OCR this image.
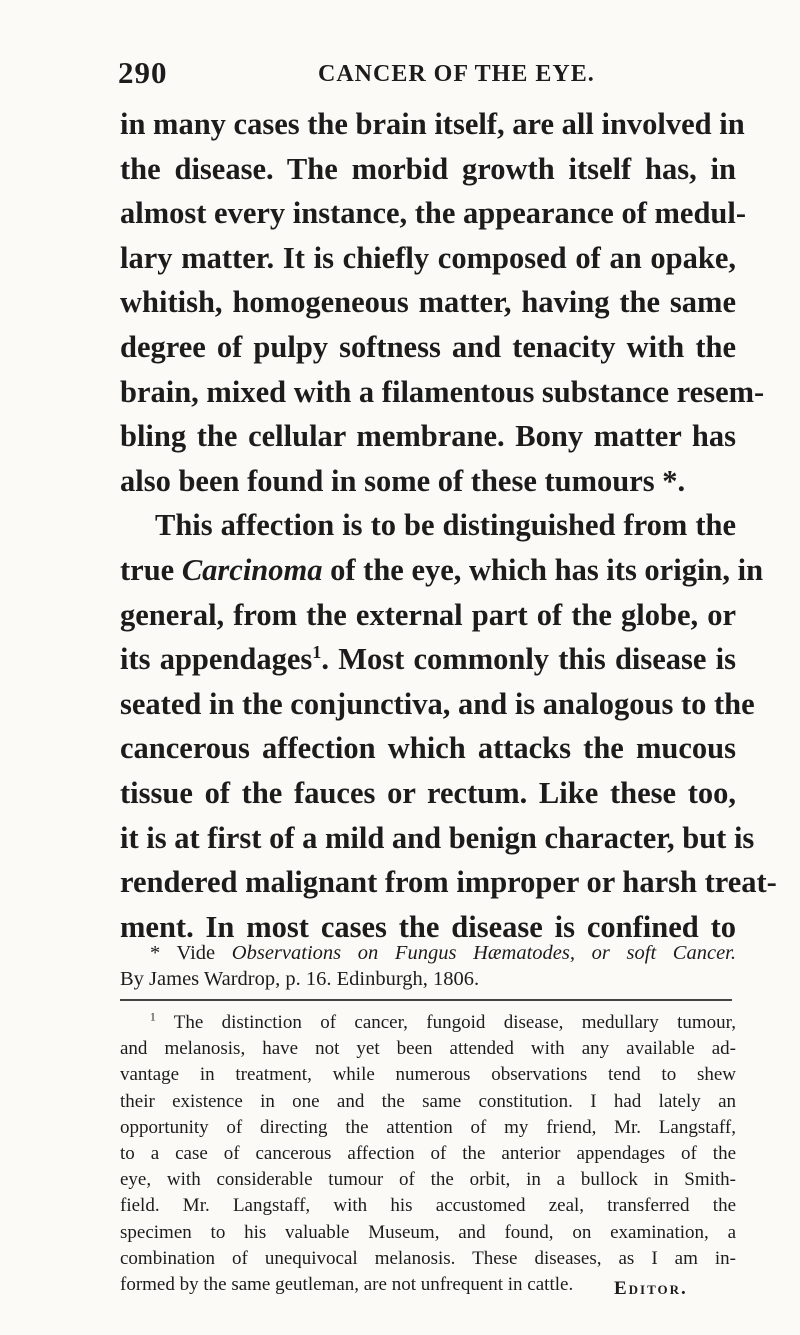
290	CANCER OF THE EYE.
in many cases the brain itself, are all involved in
the disease. The morbid growth itself has, in
almost every instance, the appearance of medul-
lary matter. It is chiefly composed of an opake,
whitish, homogeneous matter, having the same
degree of pulpy softness and tenacity with the
brain, mixed with a filamentous substance resem-
bling the cellular membrane. Bony matter has
also been found in some of these tumours *.
This affection is to be distinguished from the
true Carcinoma of the eye, which has its origin, in
general, from the external part of the globe, or
its appendages$^1$. Most commonly this disease is
seated in the conjunctiva, and is analogous to the
cancerous affection which attacks the mucous
tissue of the fauces or rectum. Like these too,
it is at first of a mild and benign character, but is
rendered malignant from improper or harsh treat-
ment. In most cases the disease is confined to
* Vide Observations on Fungus Hæmatodes, or soft Cancer.
By James Wardrop, p. 16. Edinburgh, 1806.
$^1$ The distinction of cancer, fungoid disease, medullary tumour,
and melanosis, have not yet been attended with any available ad-
vantage in treatment, while numerous observations tend to shew
their existence in one and the same constitution. I had lately an
opportunity of directing the attention of my friend, Mr. Langstaff,
to a case of cancerous affection of the anterior appendages of the
eye, with considerable tumour of the orbit, in a bullock in Smith-
field. Mr. Langstaff, with his accustomed zeal, transferred the
specimen to his valuable Museum, and found, on examination, a
combination of unequivocal melanosis. These diseases, as I am in-
formed by the same geutleman, are not unfrequent in cattle.	Editor.
